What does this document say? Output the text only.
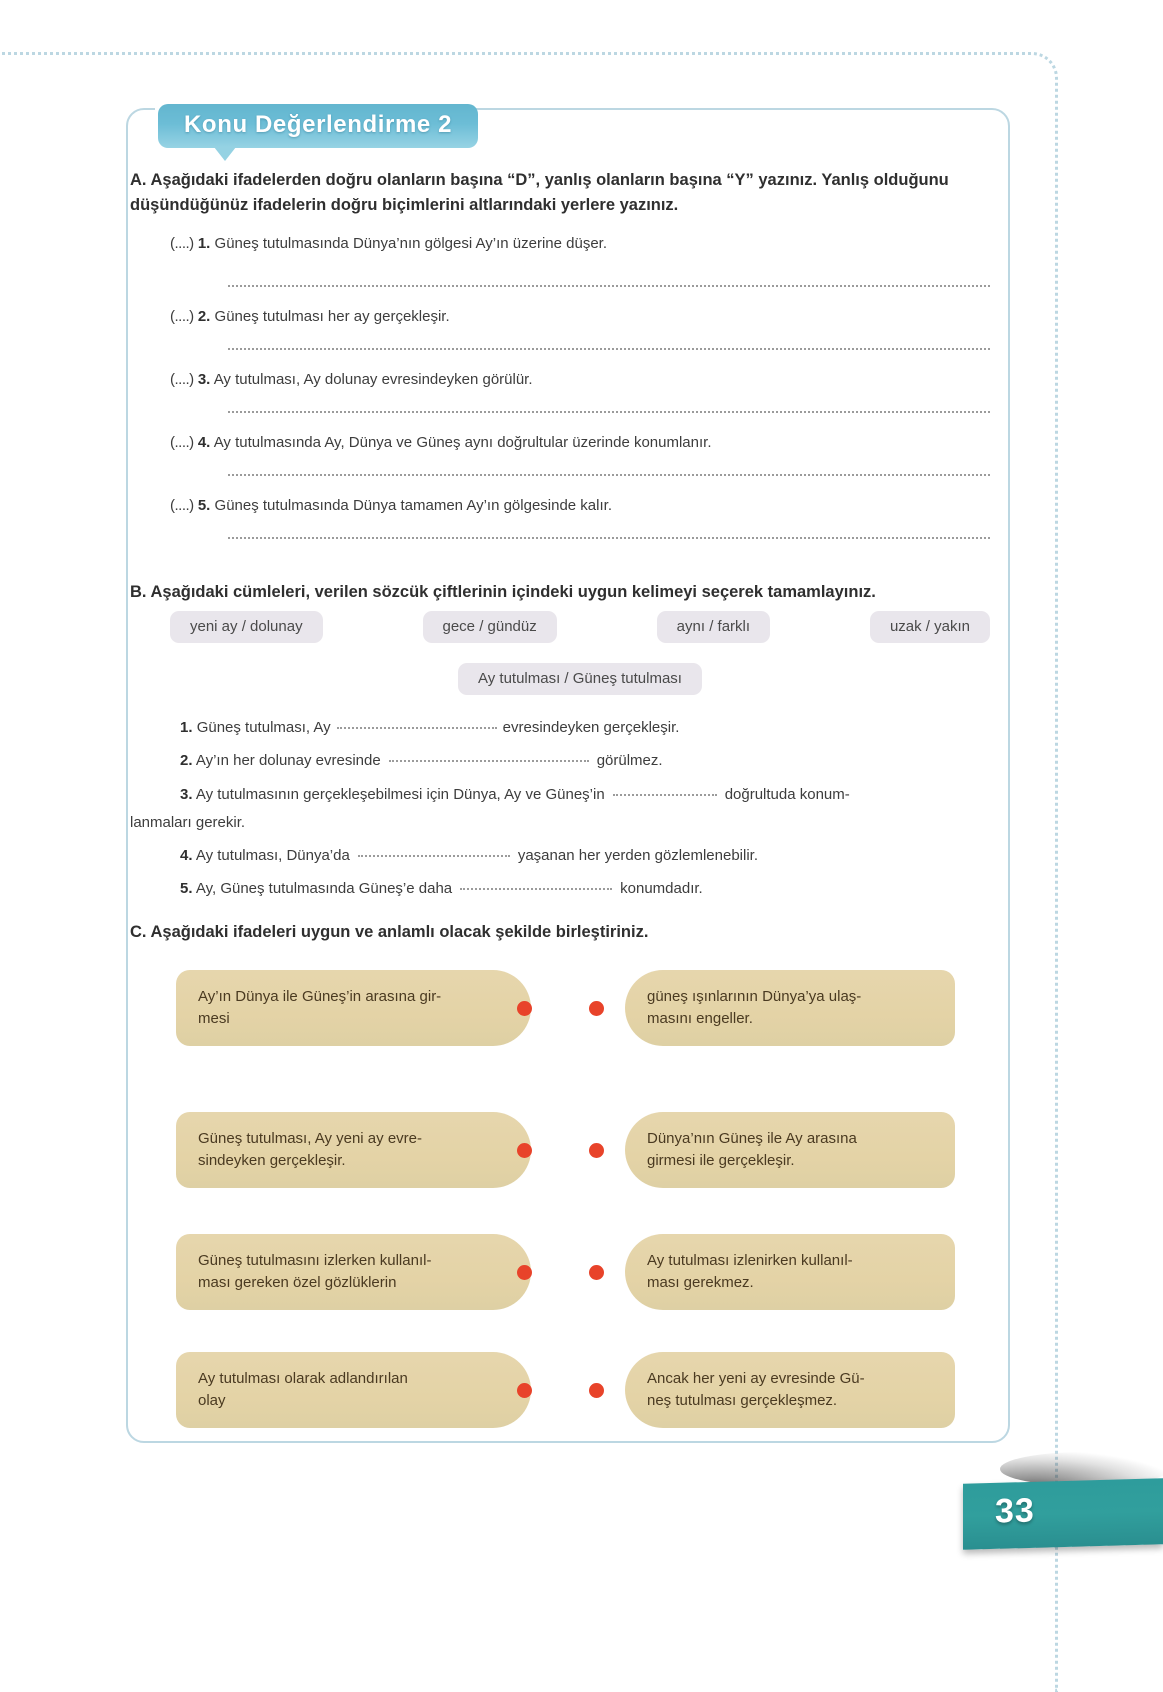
Konu Değerlendirme 2
A. Aşağıdaki ifadelerden doğru olanların başına “D”, yanlış olanların başına “Y” yazınız. Yanlış olduğunu düşündüğünüz ifadelerin doğru biçimlerini altlarındaki yerlere yazınız.
(....) 1. Güneş tutulmasında Dünya’nın gölgesi Ay’ın üzerine düşer.
(....) 2. Güneş tutulması her ay gerçekleşir.
(....) 3. Ay tutulması, Ay dolunay evresindeyken görülür.
(....) 4. Ay tutulmasında Ay, Dünya ve Güneş aynı doğrultular üzerinde konumlanır.
(....) 5. Güneş tutulmasında Dünya tamamen Ay’ın gölgesinde kalır.
B. Aşağıdaki cümleleri, verilen sözcük çiftlerinin içindeki uygun kelimeyi seçerek tamamlayınız.
yeni ay / dolunay	gece / gündüz	aynı / farklı	uzak / yakın
Ay tutulması / Güneş tutulması
1. Güneş tutulması, Ay	evresindeyken gerçekleşir.
2. Ay’ın her dolunay evresinde	görülmez.
3. Ay tutulmasının gerçekleşebilmesi için Dünya, Ay ve Güneş’in	doğrultuda konum-
lanmaları gerekir.
4. Ay tutulması, Dünya’da	yaşanan her yerden gözlemlenebilir.
5. Ay, Güneş tutulmasında Güneş’e daha	konumdadır.
C. Aşağıdaki ifadeleri uygun ve anlamlı olacak şekilde birleştiriniz.
Ay’ın Dünya ile Güneş’in arasına gir-
mesi
güneş ışınlarının Dünya’ya ulaş-
masını engeller.
Güneş tutulması, Ay yeni ay evre-
sindeyken gerçekleşir.
Dünya’nın Güneş ile Ay arasına
girmesi ile gerçekleşir.
Güneş tutulmasını izlerken kullanıl-
ması gereken özel gözlüklerin
Ay tutulması izlenirken kullanıl-
ması gerekmez.
Ay tutulması olarak adlandırılan
olay
Ancak her yeni ay evresinde Gü-
neş tutulması gerçekleşmez.
33
